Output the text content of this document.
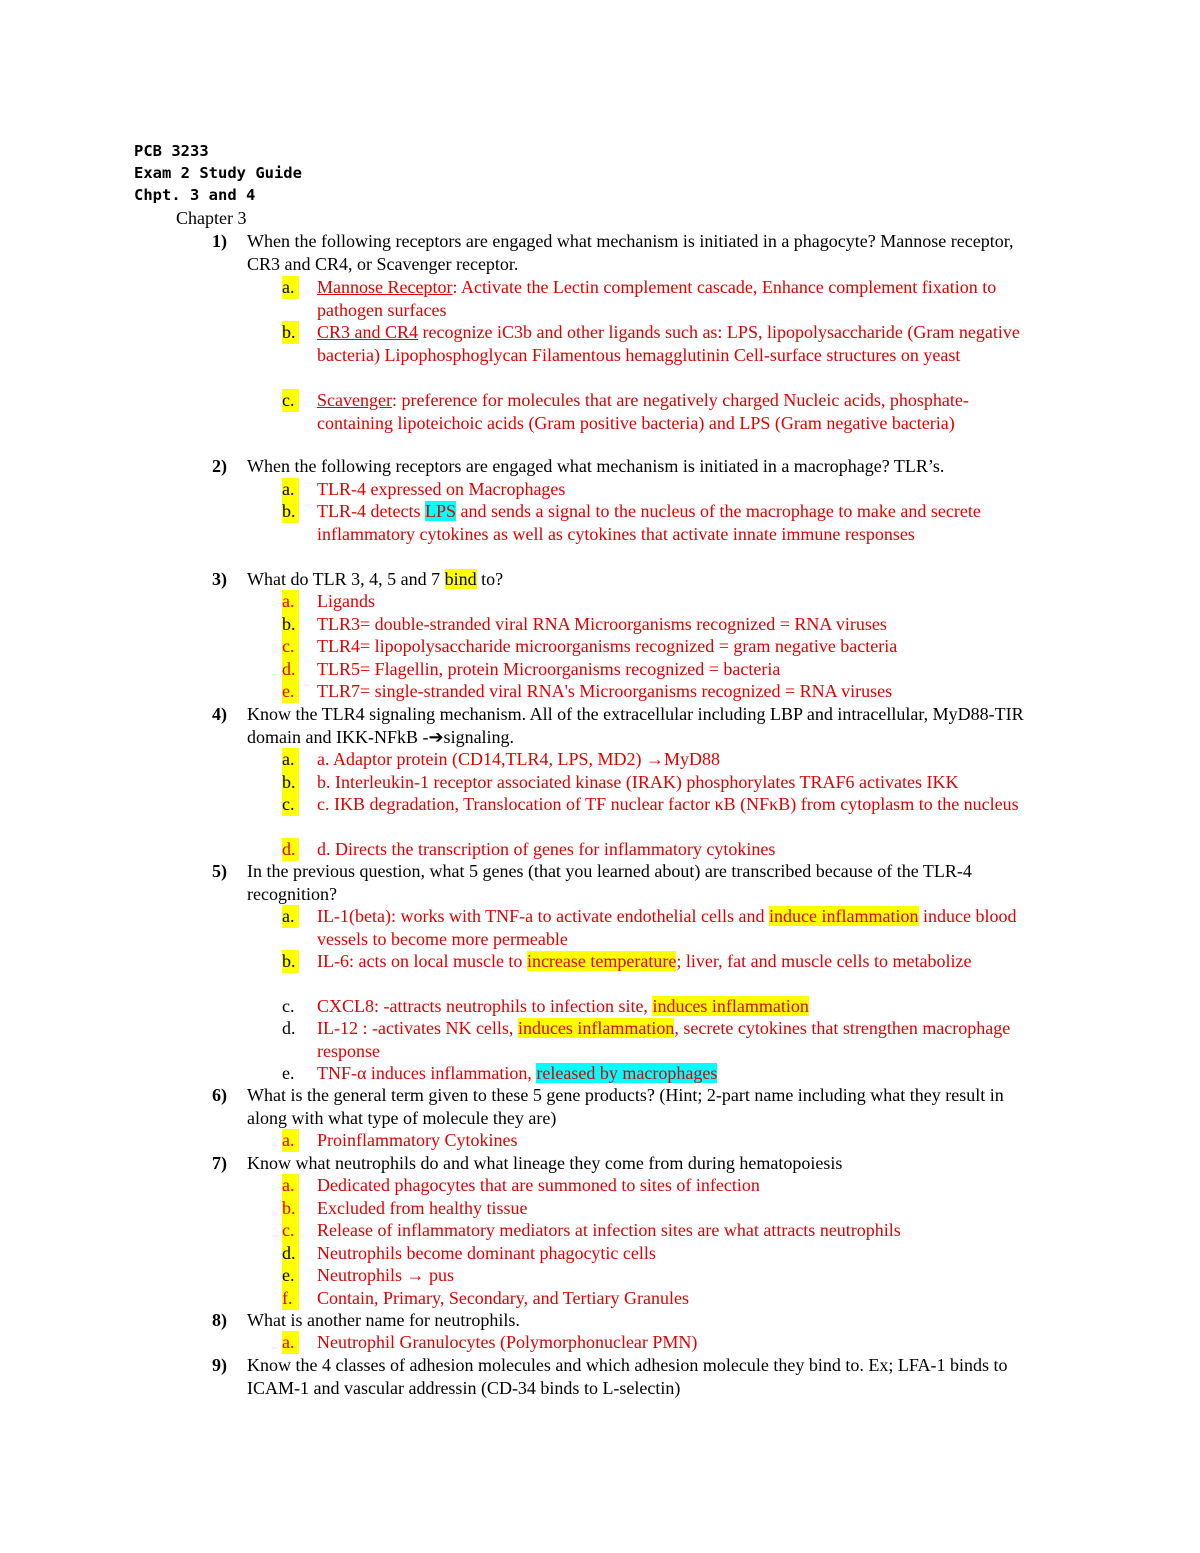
PCB 3233
Exam 2 Study Guide
Chpt. 3 and 4
Chapter 3
1) When the following receptors are engaged what mechanism is initiated in a phagocyte? Mannose receptor, CR3 and CR4, or Scavenger receptor.
a. Mannose Receptor: Activate the Lectin complement cascade, Enhance complement fixation to pathogen surfaces
b. CR3 and CR4 recognize iC3b and other ligands such as: LPS, lipopolysaccharide (Gram negative bacteria) Lipophosphoglycan Filamentous hemagglutinin Cell-surface structures on yeast
c. Scavenger: preference for molecules that are negatively charged Nucleic acids, phosphate-containing lipoteichoic acids (Gram positive bacteria) and LPS (Gram negative bacteria)
2) When the following receptors are engaged what mechanism is initiated in a macrophage? TLR’s.
a. TLR-4 expressed on Macrophages
b. TLR-4 detects LPS and sends a signal to the nucleus of the macrophage to make and secrete inflammatory cytokines as well as cytokines that activate innate immune responses
3) What do TLR 3, 4, 5 and 7 bind to?
a. Ligands
b. TLR3= double-stranded viral RNA Microorganisms recognized = RNA viruses
c. TLR4= lipopolysaccharide microorganisms recognized = gram negative bacteria
d. TLR5= Flagellin, protein Microorganisms recognized = bacteria
e. TLR7= single-stranded viral RNA's Microorganisms recognized = RNA viruses
4) Know the TLR4 signaling mechanism. All of the extracellular including LBP and intracellular, MyD88-TIR domain and IKK-NFkB -➔signaling.
a. a. Adaptor protein (CD14,TLR4, LPS, MD2) →MyD88
b. b. Interleukin-1 receptor associated kinase (IRAK) phosphorylates TRAF6 activates IKK
c. c. IKB degradation, Translocation of TF nuclear factor κB (NFκB) from cytoplasm to the nucleus
d. d. Directs the transcription of genes for inflammatory cytokines
5) In the previous question, what 5 genes (that you learned about) are transcribed because of the TLR-4 recognition?
a. IL-1(beta): works with TNF-a to activate endothelial cells and induce inflammation induce blood vessels to become more permeable
b. IL-6: acts on local muscle to increase temperature; liver, fat and muscle cells to metabolize
c. CXCL8: -attracts neutrophils to infection site, induces inflammation
d. IL-12 : -activates NK cells, induces inflammation, secrete cytokines that strengthen macrophage response
e. TNF-α induces inflammation, released by macrophages
6) What is the general term given to these 5 gene products? (Hint; 2-part name including what they result in along with what type of molecule they are)
a. Proinflammatory Cytokines
7) Know what neutrophils do and what lineage they come from during hematopoiesis
a. Dedicated phagocytes that are summoned to sites of infection
b. Excluded from healthy tissue
c. Release of inflammatory mediators at infection sites are what attracts neutrophils
d. Neutrophils become dominant phagocytic cells
e. Neutrophils → pus
f.	Contain, Primary, Secondary, and Tertiary Granules
8) What is another name for neutrophils.
a. Neutrophil Granulocytes (Polymorphonuclear PMN)
9) Know the 4 classes of adhesion molecules and which adhesion molecule they bind to. Ex; LFA-1 binds to ICAM-1 and vascular addressin (CD-34 binds to L-selectin)
